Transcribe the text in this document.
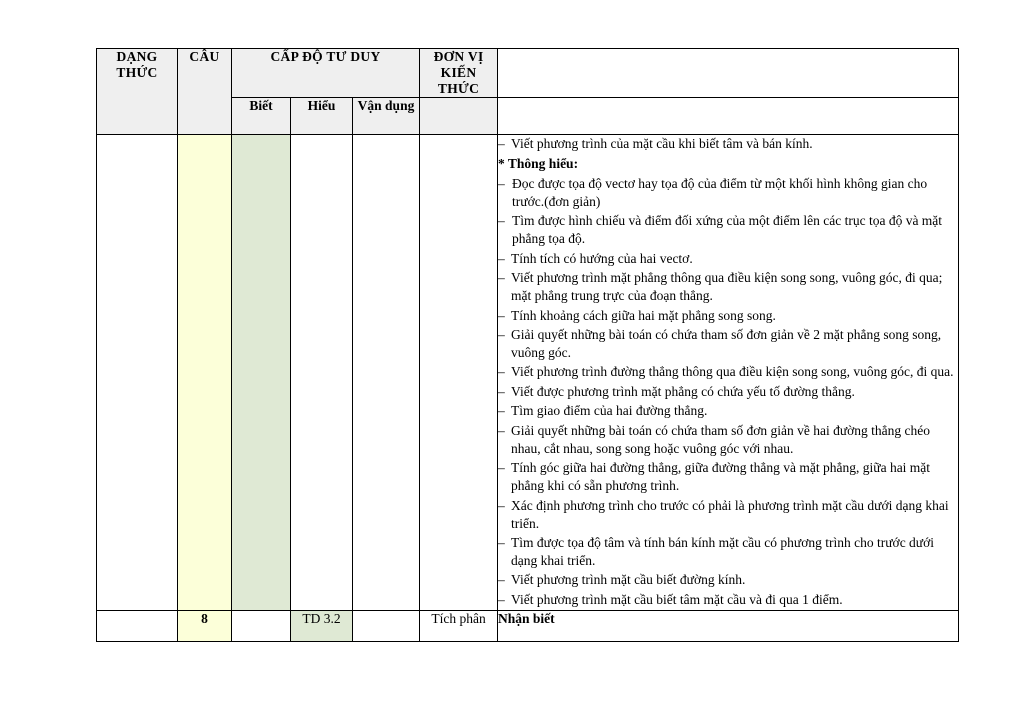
DẠNG THỨC	CÂU	CẤP ĐỘ TƯ DUY			ĐƠN VỊ KIẾN THỨC	
		Biết	Hiểu	Vận dụng		

– Viết phương trình của mặt cầu khi biết tâm và bán kính.
* Thông hiểu:
– Đọc được tọa độ vectơ hay tọa độ của điểm từ một khối hình không gian cho trước.(đơn giản)
– Tìm được hình chiếu và điểm đối xứng của một điểm lên các trục tọa độ và mặt phẳng tọa độ.
– Tính tích có hướng của hai vectơ.
– Viết phương trình mặt phẳng thông qua điều kiện song song, vuông góc, đi qua; mặt phẳng trung trực của đoạn thẳng.
– Tính khoảng cách giữa hai mặt phẳng song song.
– Giải quyết những bài toán có chứa tham số đơn giản về 2 mặt phẳng song song, vuông góc.
– Viết phương trình đường thẳng thông qua điều kiện song song, vuông góc, đi qua.
– Viết được phương trình mặt phẳng có chứa yếu tố đường thẳng.
– Tìm giao điểm của hai đường thẳng.
– Giải quyết những bài toán có chứa tham số đơn giản về hai đường thẳng chéo nhau, cắt nhau, song song hoặc vuông góc với nhau.
– Tính góc giữa hai đường thẳng, giữa đường thẳng và mặt phẳng, giữa hai mặt phẳng khi có sẵn phương trình.
– Xác định phương trình cho trước có phải là phương trình mặt cầu dưới dạng khai triển.
– Tìm được tọa độ tâm và tính bán kính mặt cầu có phương trình cho trước dưới dạng khai triển.
– Viết phương trình mặt cầu biết đường kính.
– Viết phương trình mặt cầu biết tâm mặt cầu và đi qua 1 điểm.

	8		TD 3.2		Tích phân	Nhận biết
